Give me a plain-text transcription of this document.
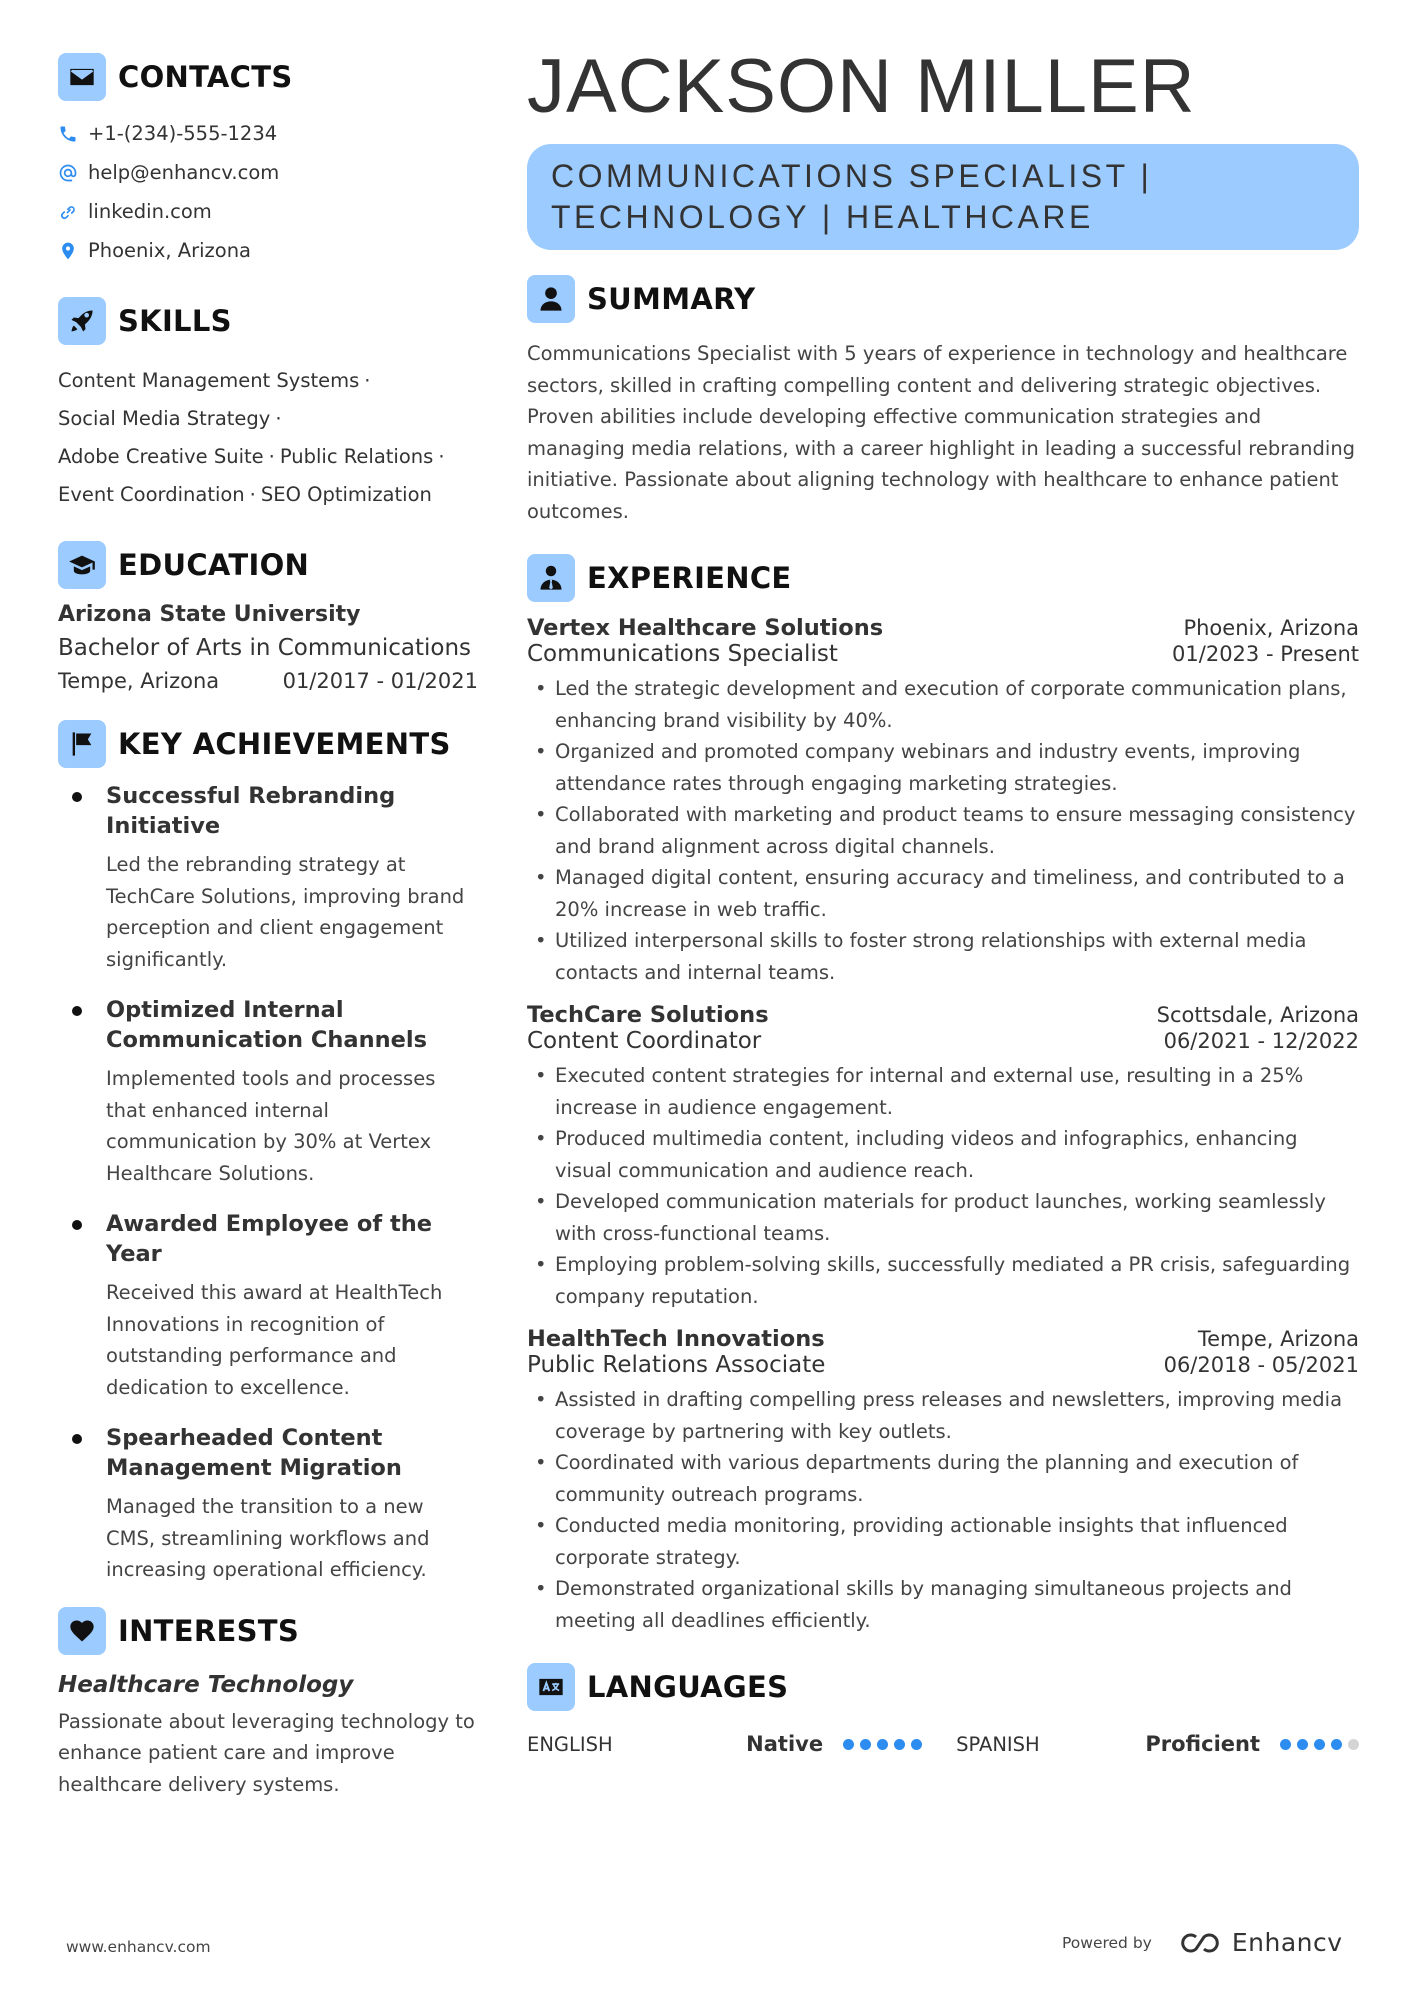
CONTACTS
+1-(234)-555-1234
help@enhancv.com
linkedin.com
Phoenix, Arizona
SKILLS
Content Management Systems ·
Social Media Strategy ·
Adobe Creative Suite · Public Relations ·
Event Coordination · SEO Optimization
EDUCATION
Arizona State University
Bachelor of Arts in Communications
Tempe, Arizona	01/2017 - 01/2021
KEY ACHIEVEMENTS
Successful Rebranding Initiative
Led the rebranding strategy at TechCare Solutions, improving brand perception and client engagement significantly.
Optimized Internal Communication Channels
Implemented tools and processes that enhanced internal communication by 30% at Vertex Healthcare Solutions.
Awarded Employee of the Year
Received this award at HealthTech Innovations in recognition of outstanding performance and dedication to excellence.
Spearheaded Content Management Migration
Managed the transition to a new CMS, streamlining workflows and increasing operational efficiency.
INTERESTS
Healthcare Technology
Passionate about leveraging technology to enhance patient care and improve healthcare delivery systems.
JACKSON MILLER
COMMUNICATIONS SPECIALIST |
TECHNOLOGY | HEALTHCARE
SUMMARY
Communications Specialist with 5 years of experience in technology and healthcare sectors, skilled in crafting compelling content and delivering strategic objectives. Proven abilities include developing effective communication strategies and managing media relations, with a career highlight in leading a successful rebranding initiative. Passionate about aligning technology with healthcare to enhance patient outcomes.
EXPERIENCE
Vertex Healthcare Solutions	Phoenix, Arizona
Communications Specialist	01/2023 - Present
• Led the strategic development and execution of corporate communication plans, enhancing brand visibility by 40%.
• Organized and promoted company webinars and industry events, improving attendance rates through engaging marketing strategies.
• Collaborated with marketing and product teams to ensure messaging consistency and brand alignment across digital channels.
• Managed digital content, ensuring accuracy and timeliness, and contributed to a 20% increase in web traffic.
• Utilized interpersonal skills to foster strong relationships with external media contacts and internal teams.
TechCare Solutions	Scottsdale, Arizona
Content Coordinator	06/2021 - 12/2022
• Executed content strategies for internal and external use, resulting in a 25% increase in audience engagement.
• Produced multimedia content, including videos and infographics, enhancing visual communication and audience reach.
• Developed communication materials for product launches, working seamlessly with cross-functional teams.
• Employing problem-solving skills, successfully mediated a PR crisis, safeguarding company reputation.
HealthTech Innovations	Tempe, Arizona
Public Relations Associate	06/2018 - 05/2021
• Assisted in drafting compelling press releases and newsletters, improving media coverage by partnering with key outlets.
• Coordinated with various departments during the planning and execution of community outreach programs.
• Conducted media monitoring, providing actionable insights that influenced corporate strategy.
• Demonstrated organizational skills by managing simultaneous projects and meeting all deadlines efficiently.
LANGUAGES
ENGLISH	Native	SPANISH	Proficient
www.enhancv.com	Powered by	Enhancv
